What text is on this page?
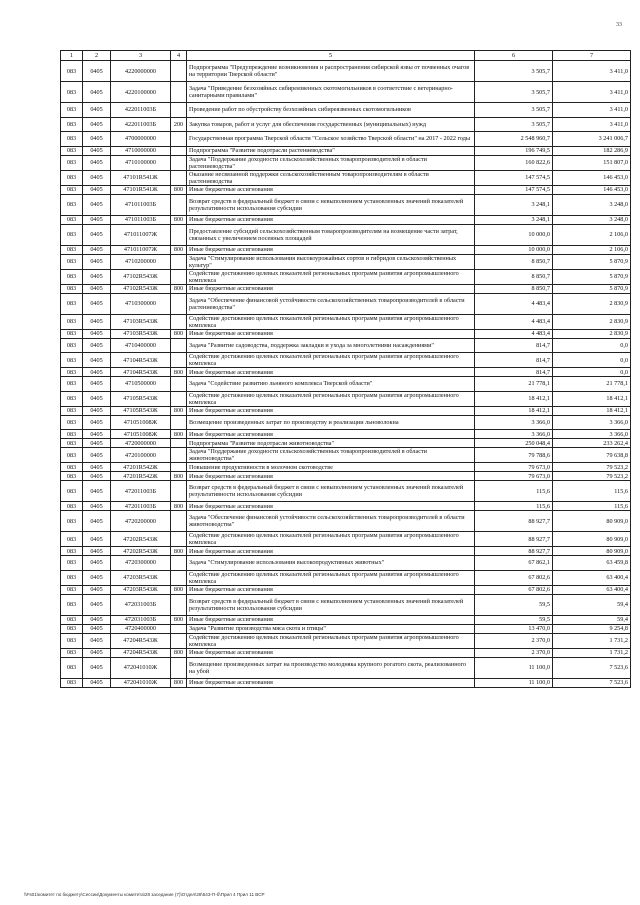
33
1	2	3	4	5	6	7
083	0405	4220000000		Подпрограмма "Предупреждение возникновения и распространения сибирской язвы от почвенных очагов на территории Тверской области"	3 505,7	3 411,0
083	0405	4220100000		Задача "Приведение безхозяйных сибиреязвенных скотомогильников в соответствие с ветеринарно-санитарными правилами"	3 505,7	3 411,0
083	0405	422011003Б		Проведение работ по обустройству безхозяйных сибиреязвенных скотомогильников	3 505,7	3 411,0
083	0405	422011003Б	200	Закупка товаров, работ и услуг для обеспечения государственных (муниципальных) нужд	3 505,7	3 411,0
083	0405	4700000000		Государственная программа Тверской области "Сельское хозяйство Тверской области" на 2017 - 2022 годы	2 548 960,7	3 241 006,7
083	0405	4710000000		Подпрограмма "Развитие подотрасли растениеводства"	196 749,5	182 286,9
083	0405	4710100000		Задача "Поддержание доходности сельскохозяйственных товаропроизводителей в области растениеводства"	160 822,6	151 807,0
083	0405	47101R541Ж		Оказание несвязанной поддержки сельскохозяйственным товаропроизводителям в области растениеводства	147 574,5	146 453,0
083	0405	47101R541Ж	800	Иные бюджетные ассигнования	147 574,5	146 453,0
083	0405	471011003Б		Возврат средств в федеральный бюджет в связи с невыполнением установленных значений показателей результативности использования субсидии	3 248,1	3 248,0
083	0405	471011003Б	800	Иные бюджетные ассигнования	3 248,1	3 248,0
083	0405	471011007Ж		Предоставление субсидий сельскохозяйственным товаропроизводителям на возмещение части затрат, связанных с увеличением посевных площадей	10 000,0	2 106,0
083	0405	471011007Ж	800	Иные бюджетные ассигнования	10 000,0	2 106,0
083	0405	4710200000		Задача "Стимулирование использования высокоурожайных сортов и гибридов сельскохозяйственных культур"	8 850,7	5 870,9
083	0405	47102R543Ж		Содействие достижению целевых показателей региональных программ развития агропромышленного комплекса	8 850,7	5 870,9
083	0405	47102R543Ж	800	Иные бюджетные ассигнования	8 850,7	5 870,9
083	0405	4710300000		Задача "Обеспечение финансовой устойчивости сельскохозяйственных товаропроизводителей в области растениеводства"	4 483,4	2 830,9
083	0405	47103R543Ж		Содействие достижению целевых показателей региональных программ развития агропромышленного комплекса	4 483,4	2 830,9
083	0405	47103R543Ж	800	Иные бюджетные ассигнования	4 483,4	2 830,9
083	0405	4710400000		Задача "Развитие садоводства, поддержка закладки и ухода за многолетними насаждениями"	814,7	0,0
083	0405	47104R543Ж		Содействие достижению целевых показателей региональных программ развития агропромышленного комплекса	814,7	0,0
083	0405	47104R543Ж	800	Иные бюджетные ассигнования	814,7	0,0
083	0405	4710500000		Задача "Содействие развитию льняного комплекса Тверской области"	21 778,1	21 778,1
083	0405	47105R543Ж		Содействие достижению целевых показателей региональных программ развития агропромышленного комплекса	18 412,1	18 412,1
083	0405	47105R543Ж	800	Иные бюджетные ассигнования	18 412,1	18 412,1
083	0405	471051008Ж		Возмещение произведенных затрат по производству и реализации льноволокна	3 366,0	3 366,0
083	0405	471051008Ж	800	Иные бюджетные ассигнования	3 366,0	3 366,0
083	0405	4720000000		Подпрограмма "Развитие подотрасли животноводства"	250 048,4	233 262,4
083	0405	4720100000		Задача "Поддержание доходности сельскохозяйственных товаропроизводителей в области животноводства"	79 788,6	79 638,8
083	0405	47201R542Ж		Повышение продуктивности в молочном скотоводстве	79 673,0	79 523,2
083	0405	47201R542Ж	800	Иные бюджетные ассигнования	79 673,0	79 523,2
083	0405	472011003Б		Возврат средств в федеральный бюджет в связи с невыполнением установленных значений показателей результативности использования субсидии	115,6	115,6
083	0405	472011003Б	800	Иные бюджетные ассигнования	115,6	115,6
083	0405	4720200000		Задача "Обеспечение финансовой устойчивости сельскохозяйственных товаропроизводителей в области животноводства"	88 927,7	80 909,0
083	0405	47202R543Ж		Содействие достижению целевых показателей региональных программ развития агропромышленного комплекса	88 927,7	80 909,0
083	0405	47202R543Ж	800	Иные бюджетные ассигнования	88 927,7	80 909,0
083	0405	4720300000		Задача "Стимулирование использования высокопродуктивных животных"	67 862,1	63 459,8
083	0405	47203R543Ж		Содействие достижению целевых показателей региональных программ развития агропромышленного комплекса	67 802,6	63 400,4
083	0405	47203R543Ж	800	Иные бюджетные ассигнования	67 802,6	63 400,4
083	0405	472031003Б		Возврат средств в федеральный бюджет в связи с невыполнением установленных значений показателей результативности использования субсидии	59,5	59,4
083	0405	472031003Б	800	Иные бюджетные ассигнования	59,5	59,4
083	0405	4720400000		Задача "Развитие производства мяса скота и птицы"	13 470,0	9 254,8
083	0405	47204R543Ж		Содействие достижению целевых показателей региональных программ развития агропромышленного комплекса	2 370,0	1 731,2
083	0405	47204R543Ж	800	Иные бюджетные ассигнования	2 370,0	1 731,2
083	0405	472041010Ж		Возмещение произведенных затрат на производство молодняка крупного рогатого скота, реализованного на убой	11 100,0	7 523,6
083	0405	472041010Ж	800	Иные бюджетные ассигнования	11 100,0	7 523,6
\\Fs01\комитет по бюджету\Сессии\Документы комитета\28 заседание (7)\Отдел\28\543-П-б\Прил 4 Прил 11 ВСР
